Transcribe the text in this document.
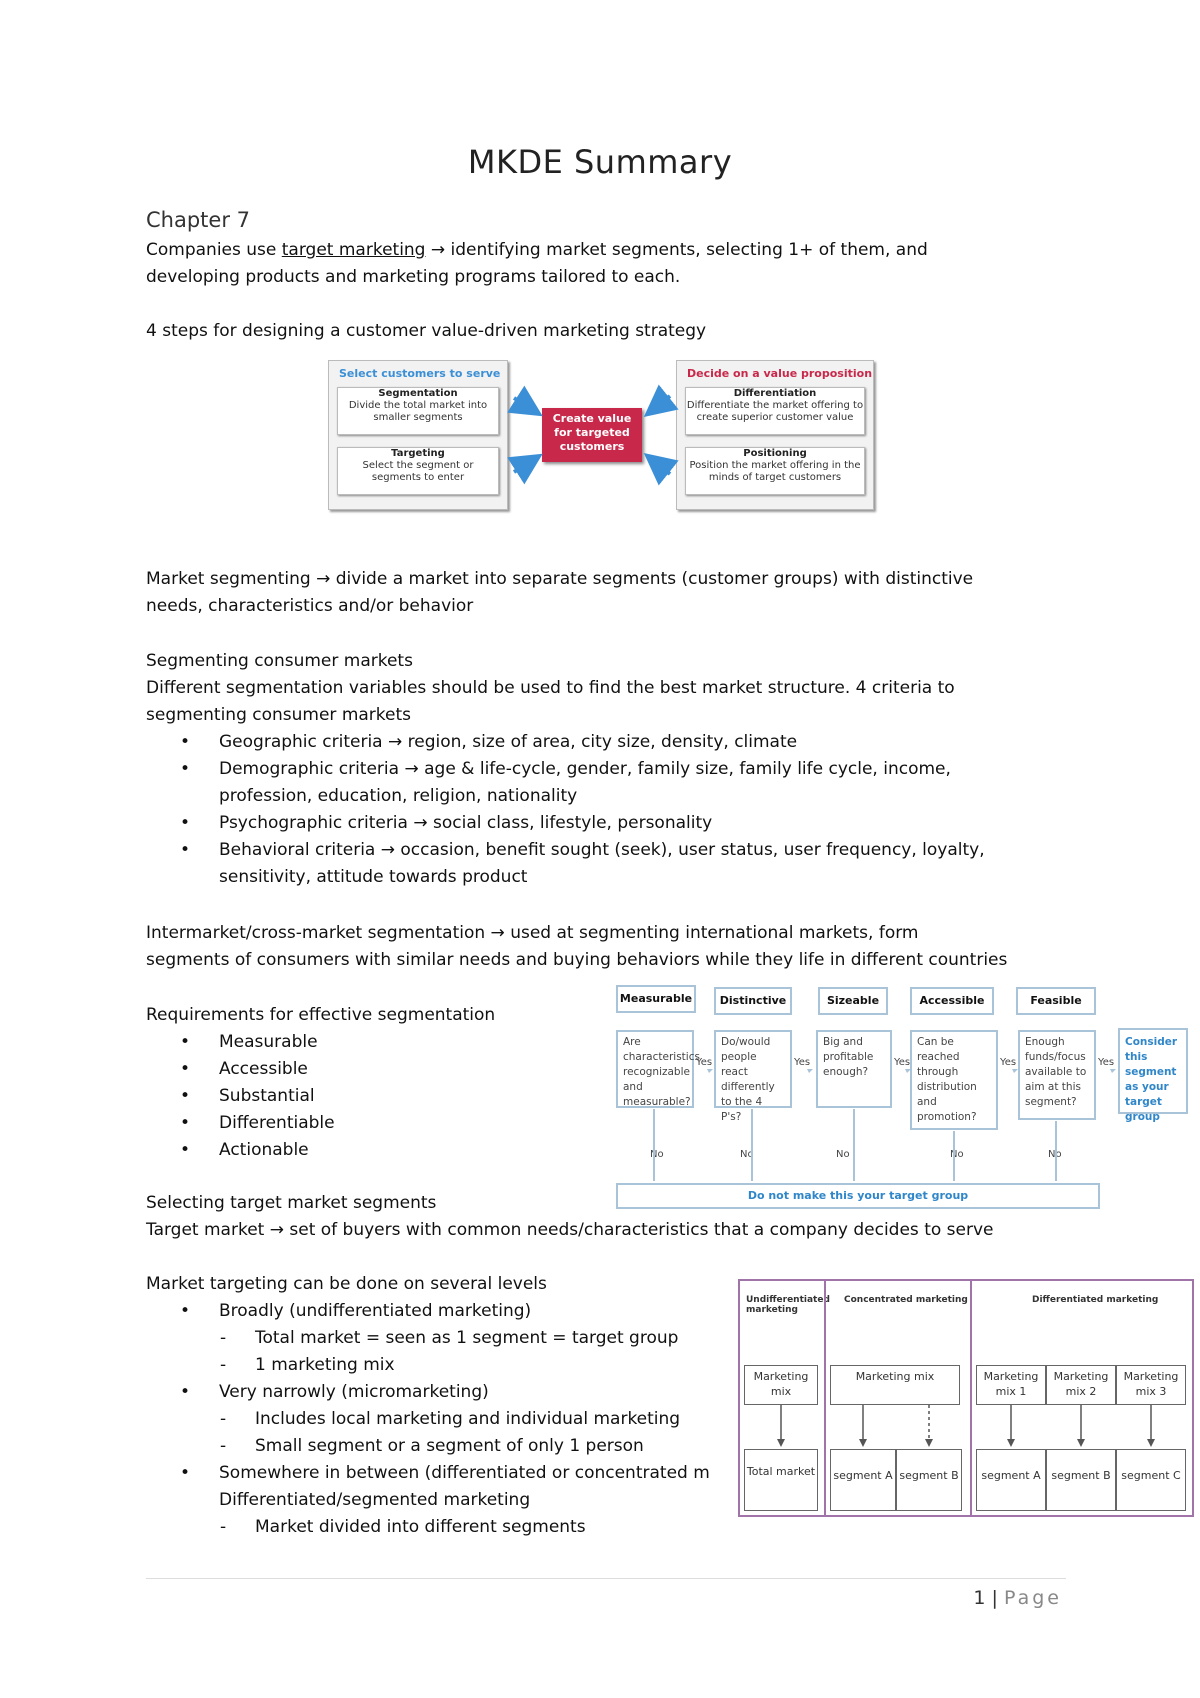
MKDE Summary
Chapter 7
Companies use target marketing → identifying market segments, selecting 1+ of them, and
developing products and marketing programs tailored to each.
4 steps for designing a customer value-driven marketing strategy
Select customers to serve
Segmentation
Divide the total market into smaller segments
Targeting
Select the segment or segments to enter
Create value for targeted customers
Decide on a value proposition
Differentiation
Differentiate the market offering to create superior customer value
Positioning
Position the market offering in the minds of target customers
Market segmenting → divide a market into separate segments (customer groups) with distinctive
needs, characteristics and/or behavior
Segmenting consumer markets
Different segmentation variables should be used to find the best market structure. 4 criteria to
segmenting consumer markets
• Geographic criteria → region, size of area, city size, density, climate
• Demographic criteria → age & life-cycle, gender, family size, family life cycle, income,
profession, education, religion, nationality
• Psychographic criteria → social class, lifestyle, personality
• Behavioral criteria → occasion, benefit sought (seek), user status, user frequency, loyalty,
sensitivity, attitude towards product
Intermarket/cross-market segmentation → used at segmenting international markets, form
segments of consumers with similar needs and buying behaviors while they life in different countries
Requirements for effective segmentation
• Measurable
• Accessible
• Substantial
• Differentiable
• Actionable
Measurable	Distinctive	Sizeable	Accessible	Feasible
Are characteristics recognizable and measurable?
Do/would people react differently to the 4 P's?
Big and profitable enough?
Can be reached through distribution and promotion?
Enough funds/focus available to aim at this segment?
Consider this segment as your target group
Yes	Yes	Yes	Yes	Yes
No	No	No	No	No
Do not make this your target group
Selecting target market segments
Target market → set of buyers with common needs/characteristics that a company decides to serve
Market targeting can be done on several levels
• Broadly (undifferentiated marketing)
- Total market = seen as 1 segment = target group
- 1 marketing mix
• Very narrowly (micromarketing)
- Includes local marketing and individual marketing
- Small segment or a segment of only 1 person
• Somewhere in between (differentiated or concentrated m
Differentiated/segmented marketing
- Market divided into different segments
Undifferentiated marketing
Concentrated marketing	Differentiated marketing
Marketing mix
Marketing mix	Marketing mix 1
Marketing mix 2
Marketing mix 3
Total market	segment A segment B	segment A segment B segment C
1 | Page
